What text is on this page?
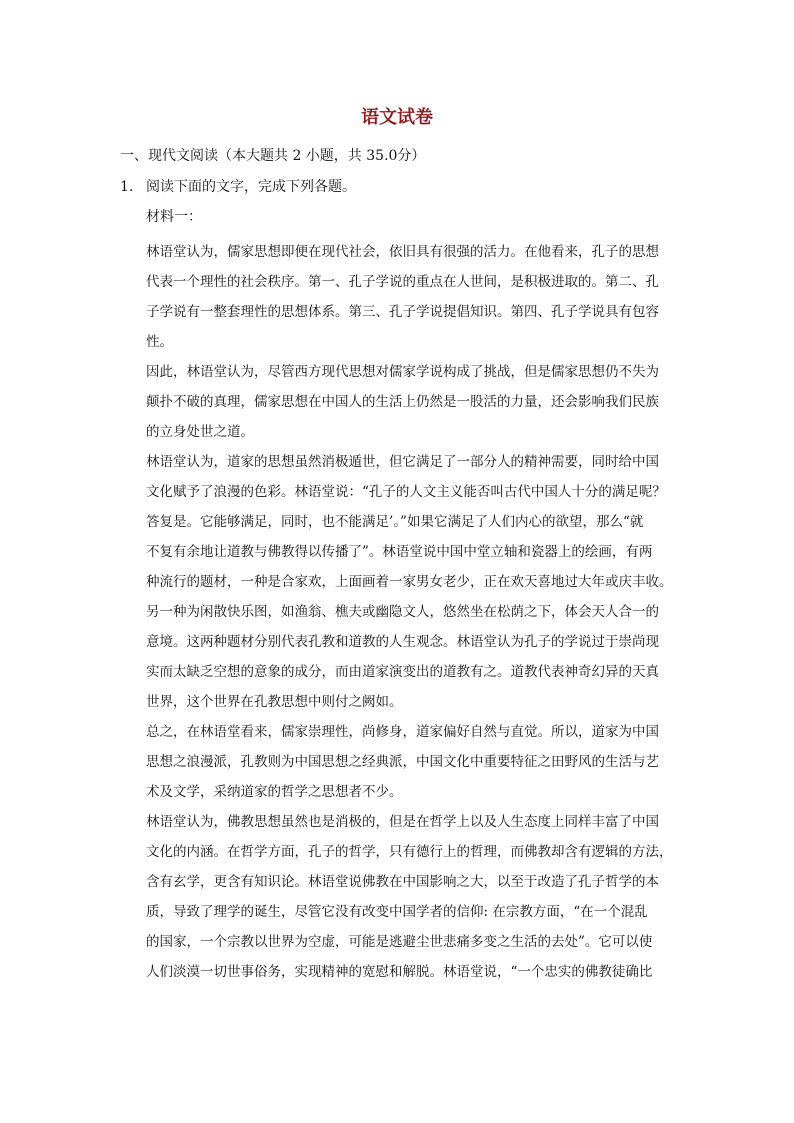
语文试卷
一、现代文阅读（本大题共 2 小题，共 35.0分）
1. 阅读下面的文字，完成下列各题。
材料一：
林语堂认为，儒家思想即便在现代社会，依旧具有很强的活力。在他看来，孔子的思想
代表一个理性的社会秩序。第一、孔子学说的重点在人世间，是积极进取的。第二、孔
子学说有一整套理性的思想体系。第三、孔子学说提倡知识。第四、孔子学说具有包容
性。
因此，林语堂认为，尽管西方现代思想对儒家学说构成了挑战，但是儒家思想仍不失为
颠扑不破的真理，儒家思想在中国人的生活上仍然是一股活的力量，还会影响我们民族
的立身处世之道。
林语堂认为，道家的思想虽然消极遁世，但它满足了一部分人的精神需要，同时给中国
文化赋予了浪漫的色彩。林语堂说：“孔子的人文主义能否叫古代中国人十分的满足呢？
答复是。它能够满足，同时，也不能满足’。”如果它满足了人们内心的欲望，那么“就
不复有余地让道教与佛教得以传播了”。林语堂说中国中堂立轴和瓷器上的绘画，有两
种流行的题材，一种是合家欢，上面画着一家男女老少，正在欢天喜地过大年或庆丰收。
另一种为闲散快乐图，如渔翁、樵夫或幽隐文人，悠然坐在松荫之下，体会天人合一的
意境。这两种题材分别代表孔教和道教的人生观念。林语堂认为孔子的学说过于崇尚现
实而太缺乏空想的意象的成分，而由道家演变出的道教有之。道教代表神奇幻异的天真
世界，这个世界在孔教思想中则付之阙如。
总之，在林语堂看来，儒家崇理性，尚修身，道家偏好自然与直觉。所以，道家为中国
思想之浪漫派，孔教则为中国思想之经典派，中国文化中重要特征之田野风的生活与艺
术及文学，采纳道家的哲学之思想者不少。
林语堂认为，佛教思想虽然也是消极的，但是在哲学上以及人生态度上同样丰富了中国
文化的内涵。在哲学方面，孔子的哲学，只有德行上的哲理，而佛教却含有逻辑的方法，
含有玄学，更含有知识论。林语堂说佛教在中国影响之大，以至于改造了孔子哲学的本
质，导致了理学的诞生，尽管它没有改变中国学者的信仰: 在宗教方面，“在一个混乱
的国家，一个宗教以世界为空虚，可能是逃避尘世悲痛多变之生活的去处”。它可以使
人们淡漠一切世事俗务，实现精神的宽慰和解脱。林语堂说，“一个忠实的佛教徒确比
